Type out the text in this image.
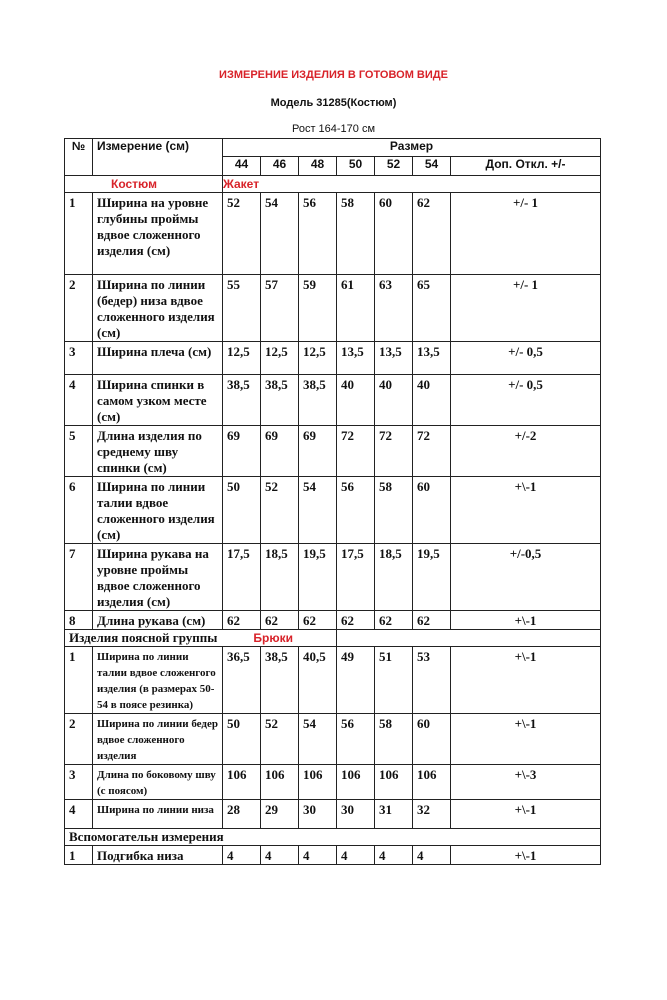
ИЗМЕРЕНИЕ ИЗДЕЛИЯ В ГОТОВОМ ВИДЕ
Модель 31285(Костюм)
Рост 164-170 см
№	Измерение (см)	Размер						
		44	46	48	50	52	54	Доп. Откл. +/-
Костюм		Жакет						
1	Ширина на уровне глубины проймы вдвое сложенного изделия (см)	52	54	56	58	60	62	+/- 1
2	Ширина по линии (бедер) низа вдвое сложенного изделия (см)	55	57	59	61	63	65	+/- 1
3	Ширина плеча (см)	12,5	12,5	12,5	13,5	13,5	13,5	+/- 0,5
4	Ширина спинки в самом узком месте (см)	38,5	38,5	38,5	40	40	40	+/- 0,5
5	Длина изделия по среднему шву спинки (см)	69	69	69	72	72	72	+/-2
6	Ширина по линии талии вдвое сложенного изделия (см)	50	52	54	56	58	60	+\-1
7	Ширина рукава на уровне проймы вдвое сложенного изделия (см)	17,5	18,5	19,5	17,5	18,5	19,5	+/-0,5
8	Длина рукава (см)	62	62	62	62	62	62	+\-1
Изделия поясной группы Брюки								
1	Ширина по линии талии вдвое сложенгого изделия (в размерах 50-54 в поясе резинка)	36,5	38,5	40,5	49	51	53	+\-1
2	Ширина по линии бедер вдвое сложенного изделия	50	52	54	56	58	60	+\-1
3	Длина по боковому шву (с поясом)	106	106	106	106	106	106	+\-3
4	Ширина по линии низа	28	29	30	30	31	32	+\-1
Вспомогательн измерения								
1	Подгибка низа	4	4	4	4	4	4	+\-1
